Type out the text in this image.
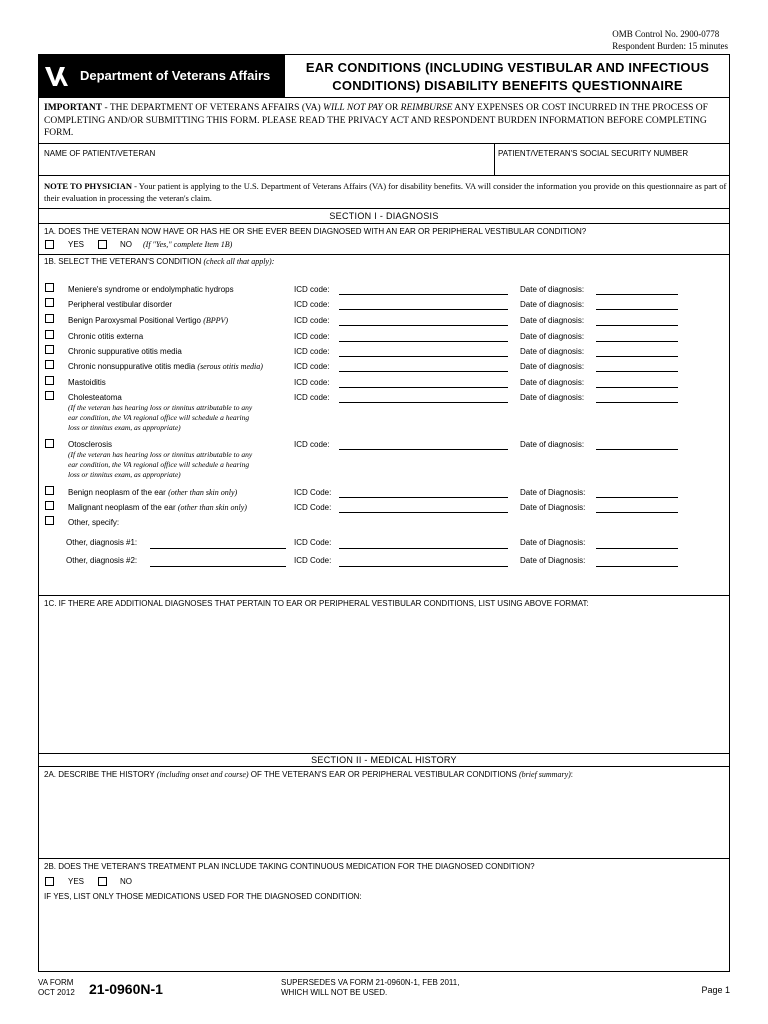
OMB Control No. 2900-0778
Respondent Burden: 15 minutes
Department of Veterans Affairs
EAR CONDITIONS (INCLUDING VESTIBULAR AND INFECTIOUS
CONDITIONS) DISABILITY BENEFITS QUESTIONNAIRE
IMPORTANT - THE DEPARTMENT OF VETERANS AFFAIRS (VA) WILL NOT PAY OR REIMBURSE ANY EXPENSES OR COST INCURRED IN THE PROCESS OF COMPLETING AND/OR SUBMITTING THIS FORM. PLEASE READ THE PRIVACY ACT AND RESPONDENT BURDEN INFORMATION BEFORE COMPLETING FORM.
NAME OF PATIENT/VETERAN	PATIENT/VETERAN'S SOCIAL SECURITY NUMBER
NOTE TO PHYSICIAN - Your patient is applying to the U.S. Department of Veterans Affairs (VA) for disability benefits. VA will consider the information you provide on this questionnaire as part of their evaluation in processing the veteran's claim.
SECTION I - DIAGNOSIS
1A. DOES THE VETERAN NOW HAVE OR HAS HE OR SHE EVER BEEN DIAGNOSED WITH AN EAR OR PERIPHERAL VESTIBULAR CONDITION?
YES	NO (If "Yes," complete Item 1B)
1B. SELECT THE VETERAN'S CONDITION (check all that apply):
Meniere's syndrome or endolymphatic hydrops	ICD code:	Date of diagnosis:
Peripheral vestibular disorder	ICD code:	Date of diagnosis:
Benign Paroxysmal Positional Vertigo (BPPV)	ICD code:	Date of diagnosis:
Chronic otitis externa	ICD code:	Date of diagnosis:
Chronic suppurative otitis media	ICD code:	Date of diagnosis:
Chronic nonsuppurative otitis media (serous otitis media)	ICD code:	Date of diagnosis:
Mastoiditis	ICD code:	Date of diagnosis:
Cholesteatoma	ICD code:	Date of diagnosis:
(If the veteran has hearing loss or tinnitus attributable to any
ear condition, the VA regional office will schedule a hearing
loss or tinnitus exam, as appropriate)
Otosclerosis	ICD code:	Date of diagnosis:
(If the veteran has hearing loss or tinnitus attributable to any
ear condition, the VA regional office will schedule a hearing
loss or tinnitus exam, as appropriate)
Benign neoplasm of the ear (other than skin only)	ICD Code:	Date of Diagnosis:
Malignant neoplasm of the ear (other than skin only)	ICD Code:	Date of Diagnosis:
Other, specify:
Other, diagnosis #1:	ICD Code:	Date of Diagnosis:
Other, diagnosis #2:	ICD Code:	Date of Diagnosis:
1C. IF THERE ARE ADDITIONAL DIAGNOSES THAT PERTAIN TO EAR OR PERIPHERAL VESTIBULAR CONDITIONS, LIST USING ABOVE FORMAT:
SECTION II - MEDICAL HISTORY
2A. DESCRIBE THE HISTORY (including onset and course) OF THE VETERAN'S EAR OR PERIPHERAL VESTIBULAR CONDITIONS (brief summary):
2B. DOES THE VETERAN'S TREATMENT PLAN INCLUDE TAKING CONTINUOUS MEDICATION FOR THE DIAGNOSED CONDITION?
YES	NO
IF YES, LIST ONLY THOSE MEDICATIONS USED FOR THE DIAGNOSED CONDITION:
VA FORM
OCT 2012 21-0960N-1	SUPERSEDES VA FORM 21-0960N-1, FEB 2011,
WHICH WILL NOT BE USED.	Page 1
